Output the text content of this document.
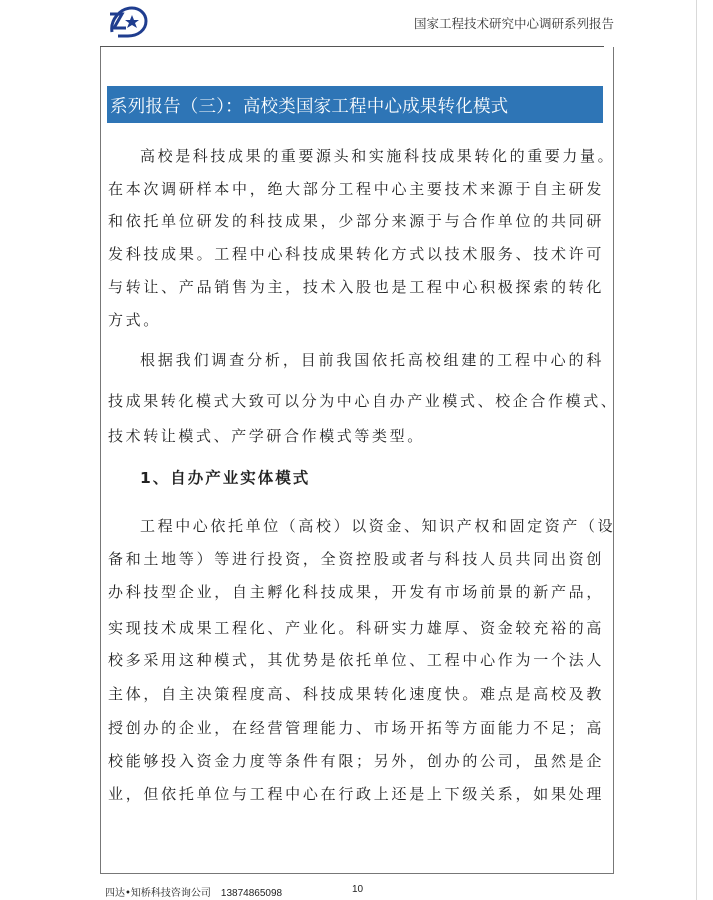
国家工程技术研究中心调研系列报告
系列报告（三）：高校类国家工程中心成果转化模式
高校是科技成果的重要源头和实施科技成果转化的重要力量。
在本次调研样本中，绝大部分工程中心主要技术来源于自主研发
和依托单位研发的科技成果，少部分来源于与合作单位的共同研
发科技成果。工程中心科技成果转化方式以技术服务、技术许可
与转让、产品销售为主，技术入股也是工程中心积极探索的转化
方式。
根据我们调查分析，目前我国依托高校组建的工程中心的科
技成果转化模式大致可以分为中心自办产业模式、校企合作模式、
技术转让模式、产学研合作模式等类型。
1、自办产业实体模式
工程中心依托单位（高校）以资金、知识产权和固定资产（设
备和土地等）等进行投资，全资控股或者与科技人员共同出资创
办科技型企业，自主孵化科技成果，开发有市场前景的新产品，
实现技术成果工程化、产业化。科研实力雄厚、资金较充裕的高
校多采用这种模式，其优势是依托单位、工程中心作为一个法人
主体，自主决策程度高、科技成果转化速度快。难点是高校及教
授创办的企业，在经营管理能力、市场开拓等方面能力不足；高
校能够投入资金力度等条件有限；另外，创办的公司，虽然是企
业，但依托单位与工程中心在行政上还是上下级关系，如果处理
四达•知桥科技咨询公司 13874865098	10
